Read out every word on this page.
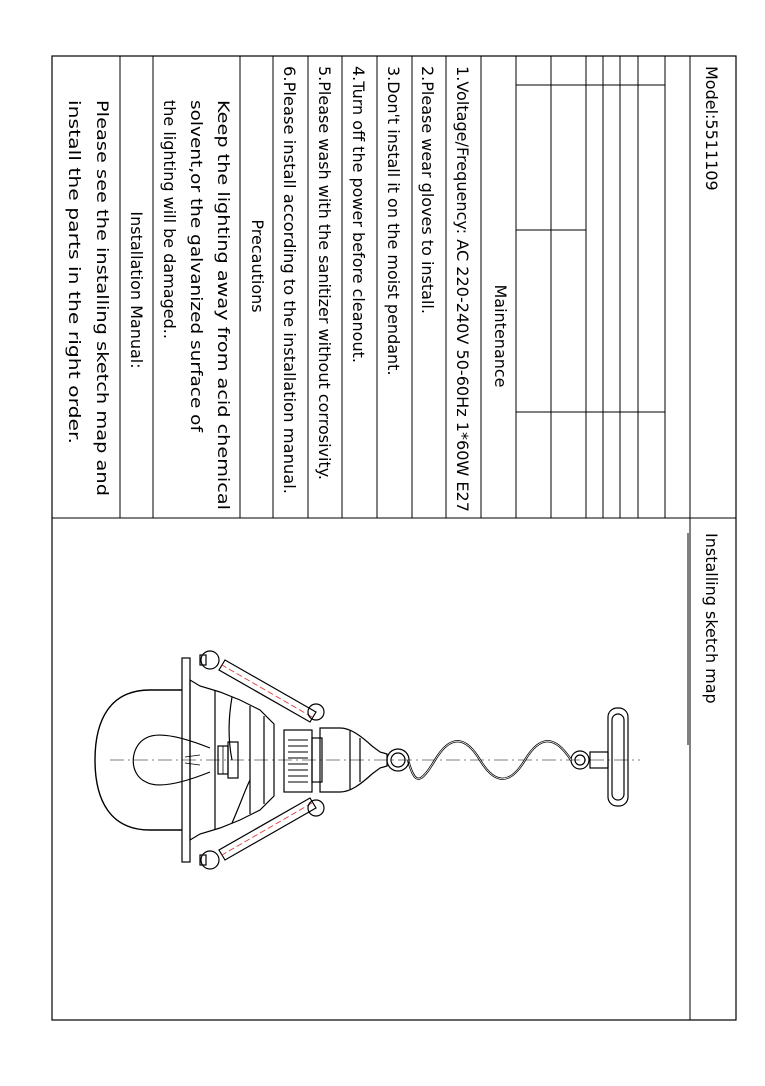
Model:5511109
Maintenance
1.Voltage/Frequency: AC 220-240V 50-60Hz 1*60W E27
2.Please wear gloves to install.
3.Don't install it on the moist pendant.
4.Turn off the power before cleanout.
5.Please wash with the sanitizer without corrosivity.
6.Please install according to the installation manual.
Precautions
Keep the lighting away from acid chemical
solvent,or the galvanized surface of
the lighting will be damaged..
Installation Manual:
Please see the installing sketch map and
install the parts in the right order.
Installing sketch map
